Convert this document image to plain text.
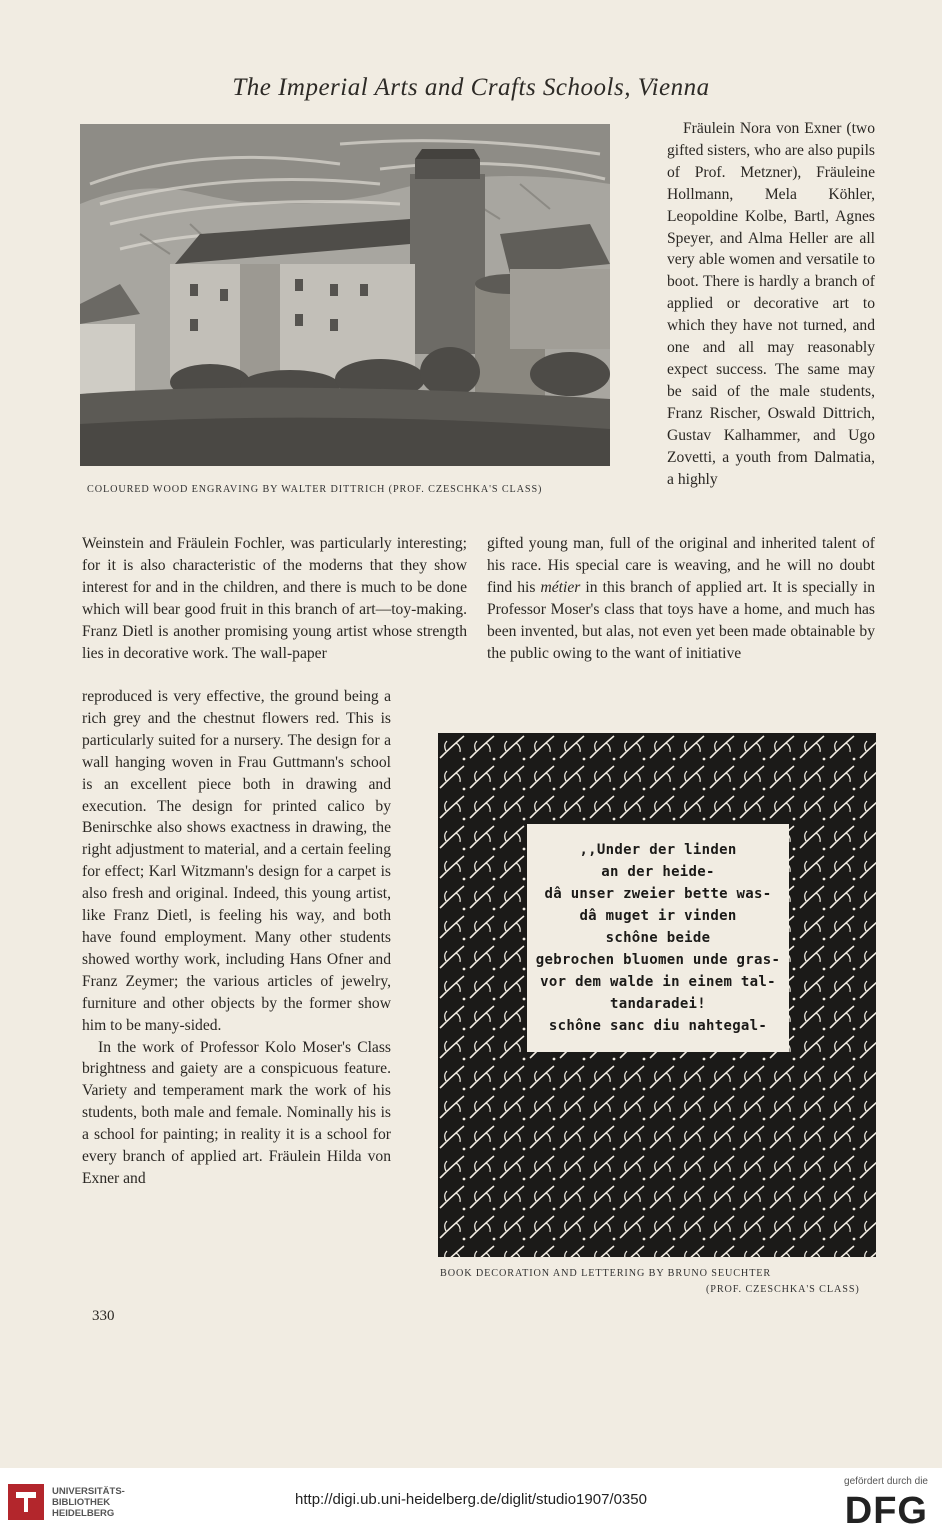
The Imperial Arts and Crafts Schools, Vienna
COLOURED WOOD ENGRAVING BY WALTER DITTRICH (PROF. CZESCHKA'S CLASS)

Fräulein Nora von Exner (two gifted sisters, who are also pupils of Prof. Metzner), Fräuleine Hollmann, Mela Köhler, Leopoldine Kolbe, Bartl, Agnes Speyer, and Alma Heller are all very able women and versatile to boot. There is hardly a branch of applied or decorative art to which they have not turned, and one and all may reasonably expect success. The same may be said of the male students, Franz Rischer, Oswald Dittrich, Gustav Kalhammer, and Ugo Zovetti, a youth from Dalmatia, a highly

Weinstein and Fräulein Fochler, was particularly interesting; for it is also characteristic of the moderns that they show interest for and in the children, and there is much to be done which will bear good fruit in this branch of art—toy-making. Franz Dietl is another promising young artist whose strength lies in decorative work. The wall-paper

gifted young man, full of the original and inherited talent of his race. His special care is weaving, and he will no doubt find his métier in this branch of applied art. It is specially in Professor Moser's class that toys have a home, and much has been invented, but alas, not even yet been made obtainable by the public owing to the want of initiative

reproduced is very effective, the ground being a rich grey and the chestnut flowers red. This is particularly suited for a nursery. The design for a wall hanging woven in Frau Guttmann's school is an excellent piece both in drawing and execution. The design for printed calico by Benirschke also shows exactness in drawing, the right adjustment to material, and a certain feeling for effect; Karl Witzmann's design for a carpet is also fresh and original. Indeed, this young artist, like Franz Dietl, is feeling his way, and both have found employment. Many other students showed worthy work, including Hans Ofner and Franz Zeymer; the various articles of jewelry, furniture and other objects by the former show him to be many-sided.

In the work of Professor Kolo Moser's Class brightness and gaiety are a conspicuous feature. Variety and temperament mark the work of his students, both male and female. Nominally his is a school for painting; in reality it is a school for every branch of applied art. Fräulein Hilda von Exner and

,,Under der linden
an der heide-
dâ unser zweier bette was-
dâ muget ir vinden
schône beide
gebrochen bluomen unde gras-
vor dem walde in einem tal-
tandaradei!
schône sanc diu nahtegal-
BOOK DECORATION AND LETTERING BY BRUNO SEUCHTER
(PROF. CZESCHKA'S CLASS)
330
UNIVERSITÄTS-
BIBLIOTHEK
HEIDELBERG
http://digi.ub.uni-heidelberg.de/diglit/studio1907/0350
gefördert durch die
DFG
